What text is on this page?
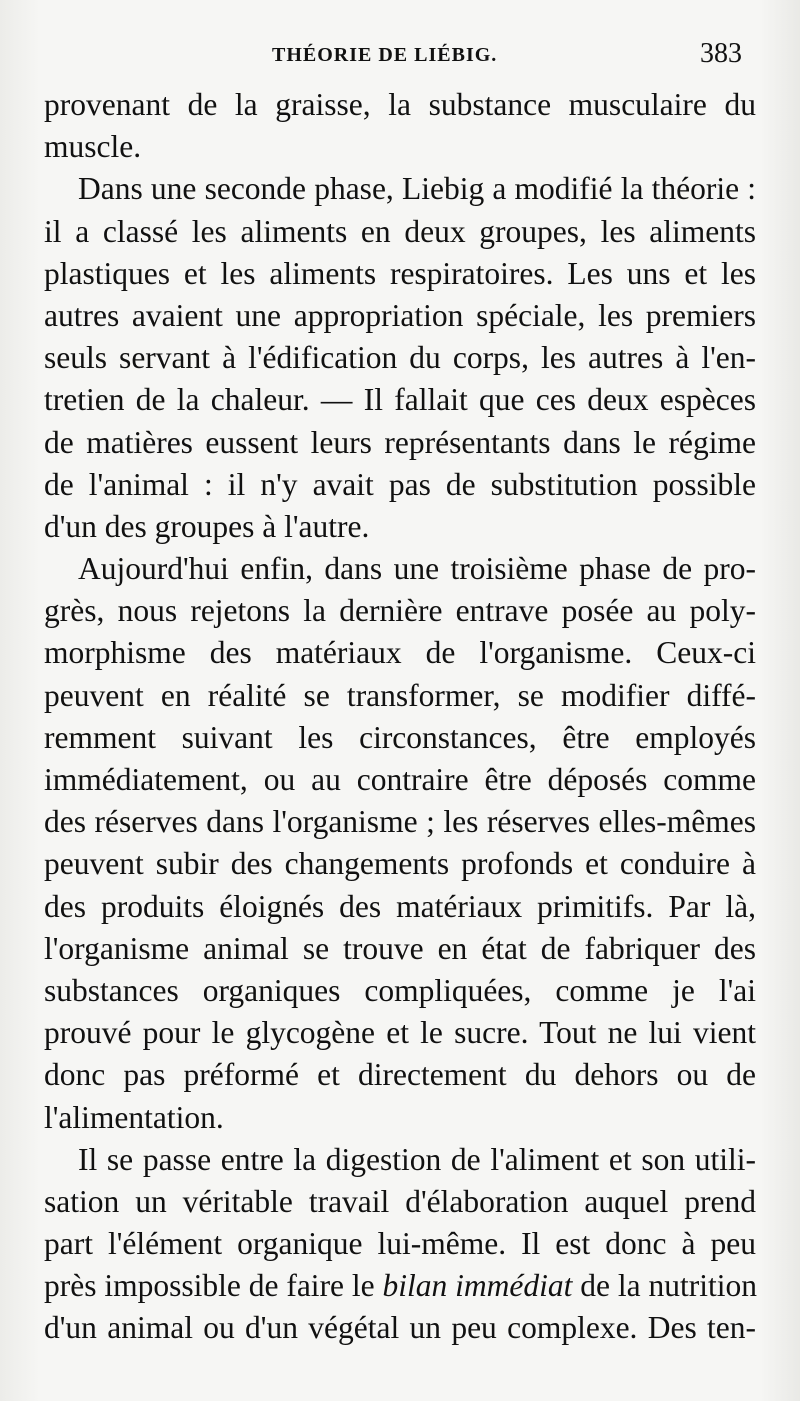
THÉORIE DE LIÉBIG.	383
provenant de la graisse, la substance musculaire du
muscle.
Dans une seconde phase, Liebig a modifié la théorie :
il a classé les aliments en deux groupes, les aliments
plastiques et les aliments respiratoires. Les uns et les
autres avaient une appropriation spéciale, les premiers
seuls servant à l'édification du corps, les autres à l'en-
tretien de la chaleur. — Il fallait que ces deux espèces
de matières eussent leurs représentants dans le régime
de l'animal : il n'y avait pas de substitution possible
d'un des groupes à l'autre.
Aujourd'hui enfin, dans une troisième phase de pro-
grès, nous rejetons la dernière entrave posée au poly-
morphisme des matériaux de l'organisme. Ceux-ci
peuvent en réalité se transformer, se modifier diffé-
remment suivant les circonstances, être employés
immédiatement, ou au contraire être déposés comme
des réserves dans l'organisme ; les réserves elles-mêmes
peuvent subir des changements profonds et conduire à
des produits éloignés des matériaux primitifs. Par là,
l'organisme animal se trouve en état de fabriquer des
substances organiques compliquées, comme je l'ai
prouvé pour le glycogène et le sucre. Tout ne lui vient
donc pas préformé et directement du dehors ou de
l'alimentation.
Il se passe entre la digestion de l'aliment et son utili-
sation un véritable travail d'élaboration auquel prend
part l'élément organique lui-même. Il est donc à peu
près impossible de faire le bilan immédiat de la nutrition
d'un animal ou d'un végétal un peu complexe. Des ten-
